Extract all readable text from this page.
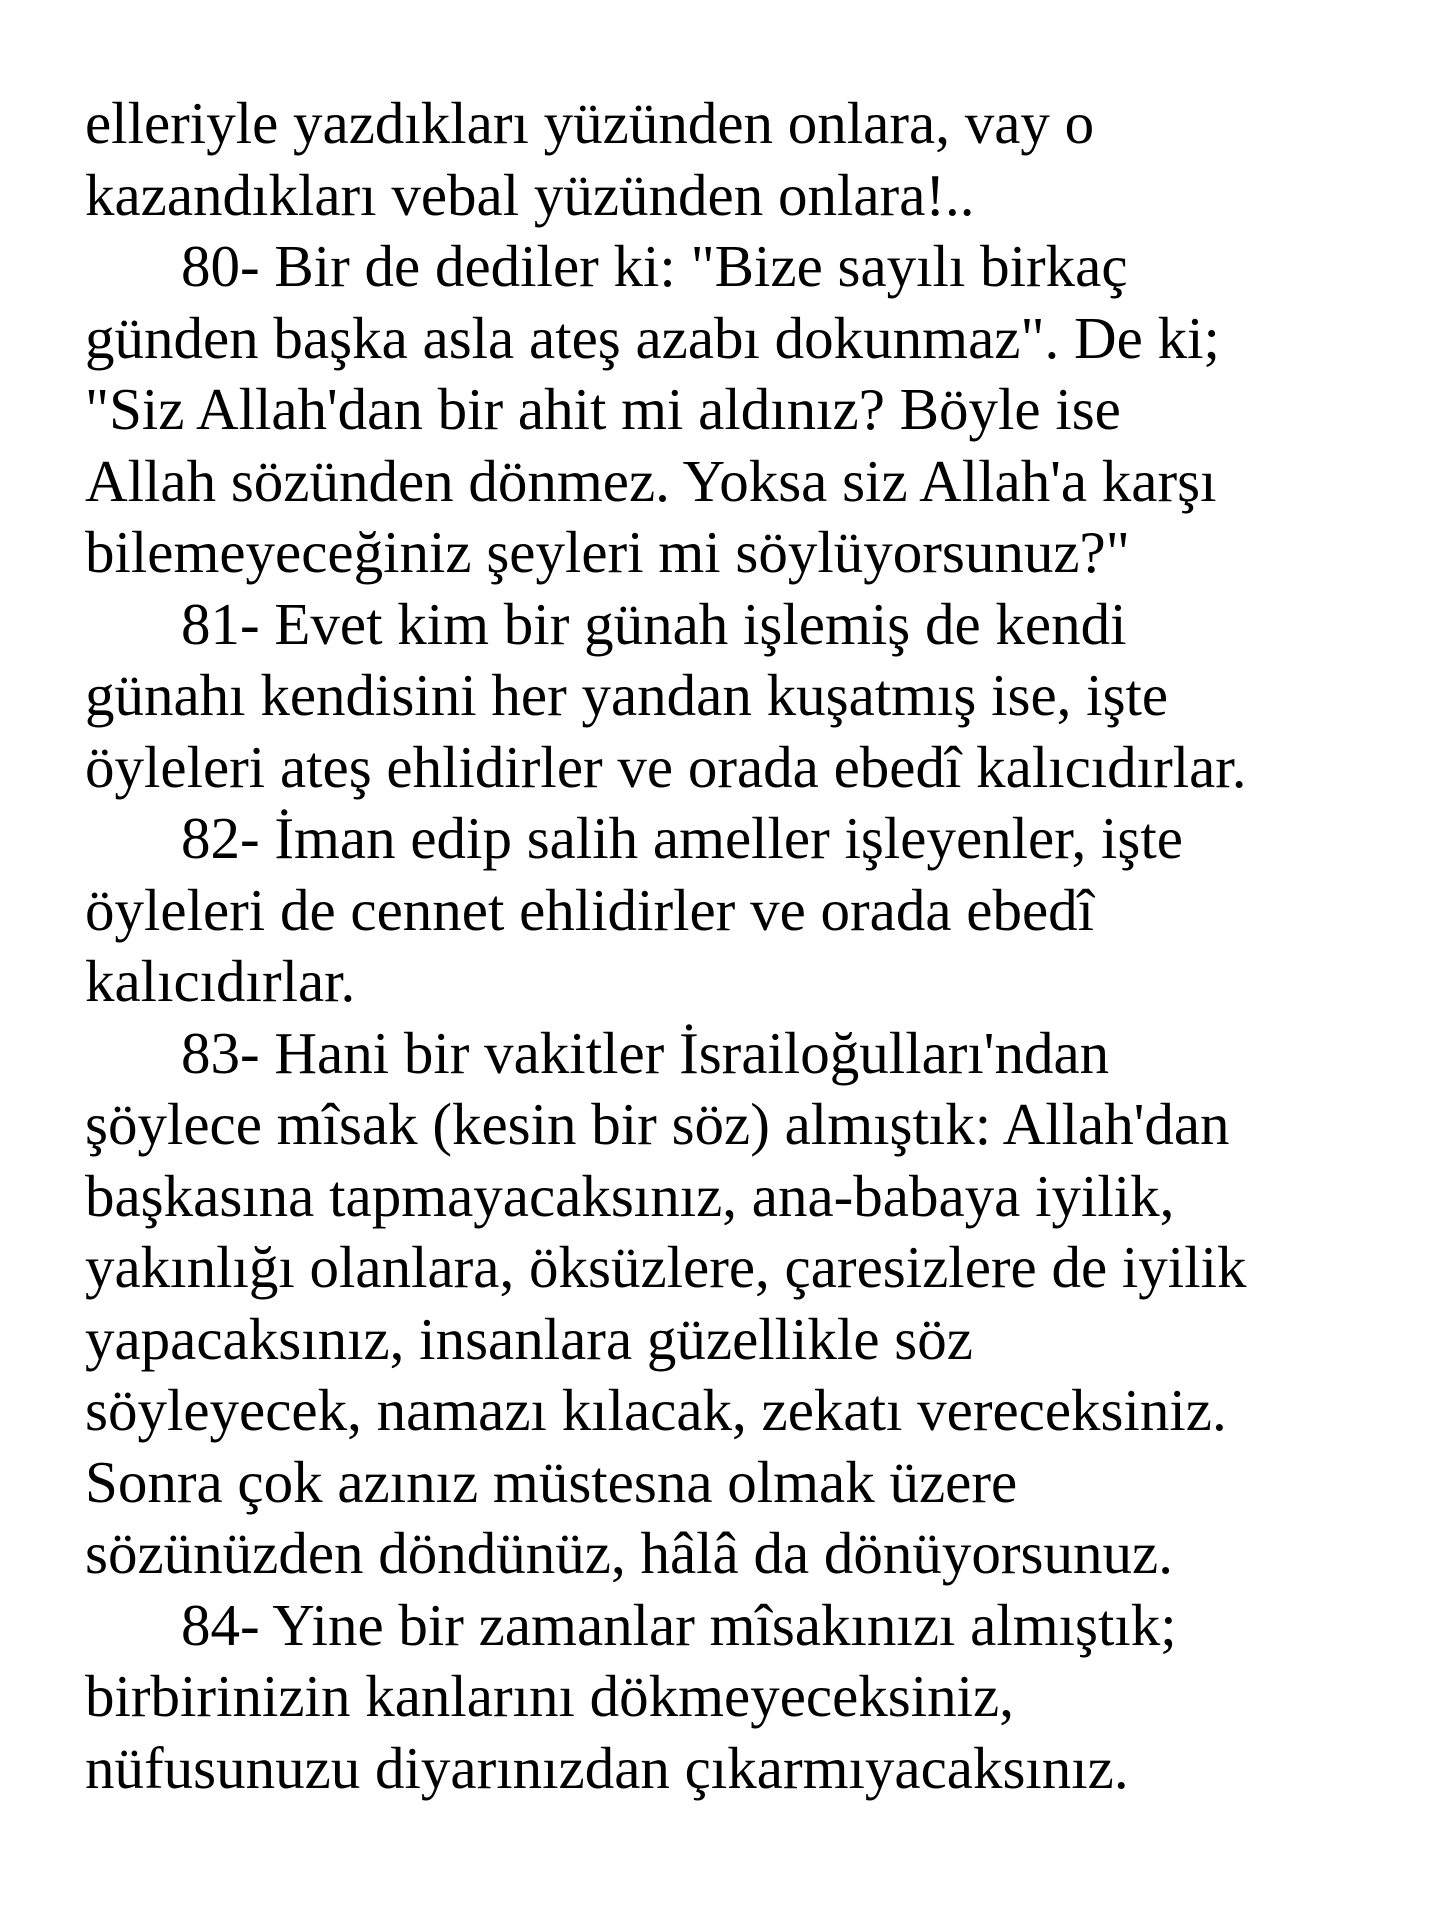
elleriyle yazdıkları yüzünden onlara, vay o
kazandıkları vebal yüzünden onlara!..
80- Bir de dediler ki: "Bize sayılı birkaç
günden başka asla ateş azabı dokunmaz". De ki;
"Siz Allah'dan bir ahit mi aldınız? Böyle ise
Allah sözünden dönmez. Yoksa siz Allah'a karşı
bilemeyeceğiniz şeyleri mi söylüyorsunuz?"
81- Evet kim bir günah işlemiş de kendi
günahı kendisini her yandan kuşatmış ise, işte
öyleleri ateş ehlidirler ve orada ebedî kalıcıdırlar.
82- İman edip salih ameller işleyenler, işte
öyleleri de cennet ehlidirler ve orada ebedî
kalıcıdırlar.
83- Hani bir vakitler İsrailoğulları'ndan
şöylece mîsak (kesin bir söz) almıştık: Allah'dan
başkasına tapmayacaksınız, ana-babaya iyilik,
yakınlığı olanlara, öksüzlere, çaresizlere de iyilik
yapacaksınız, insanlara güzellikle söz
söyleyecek, namazı kılacak, zekatı vereceksiniz.
Sonra çok azınız müstesna olmak üzere
sözünüzden döndünüz, hâlâ da dönüyorsunuz.
84- Yine bir zamanlar mîsakınızı almıştık;
birbirinizin kanlarını dökmeyeceksiniz,
nüfusunuzu diyarınızdan çıkarmıyacaksınız.
